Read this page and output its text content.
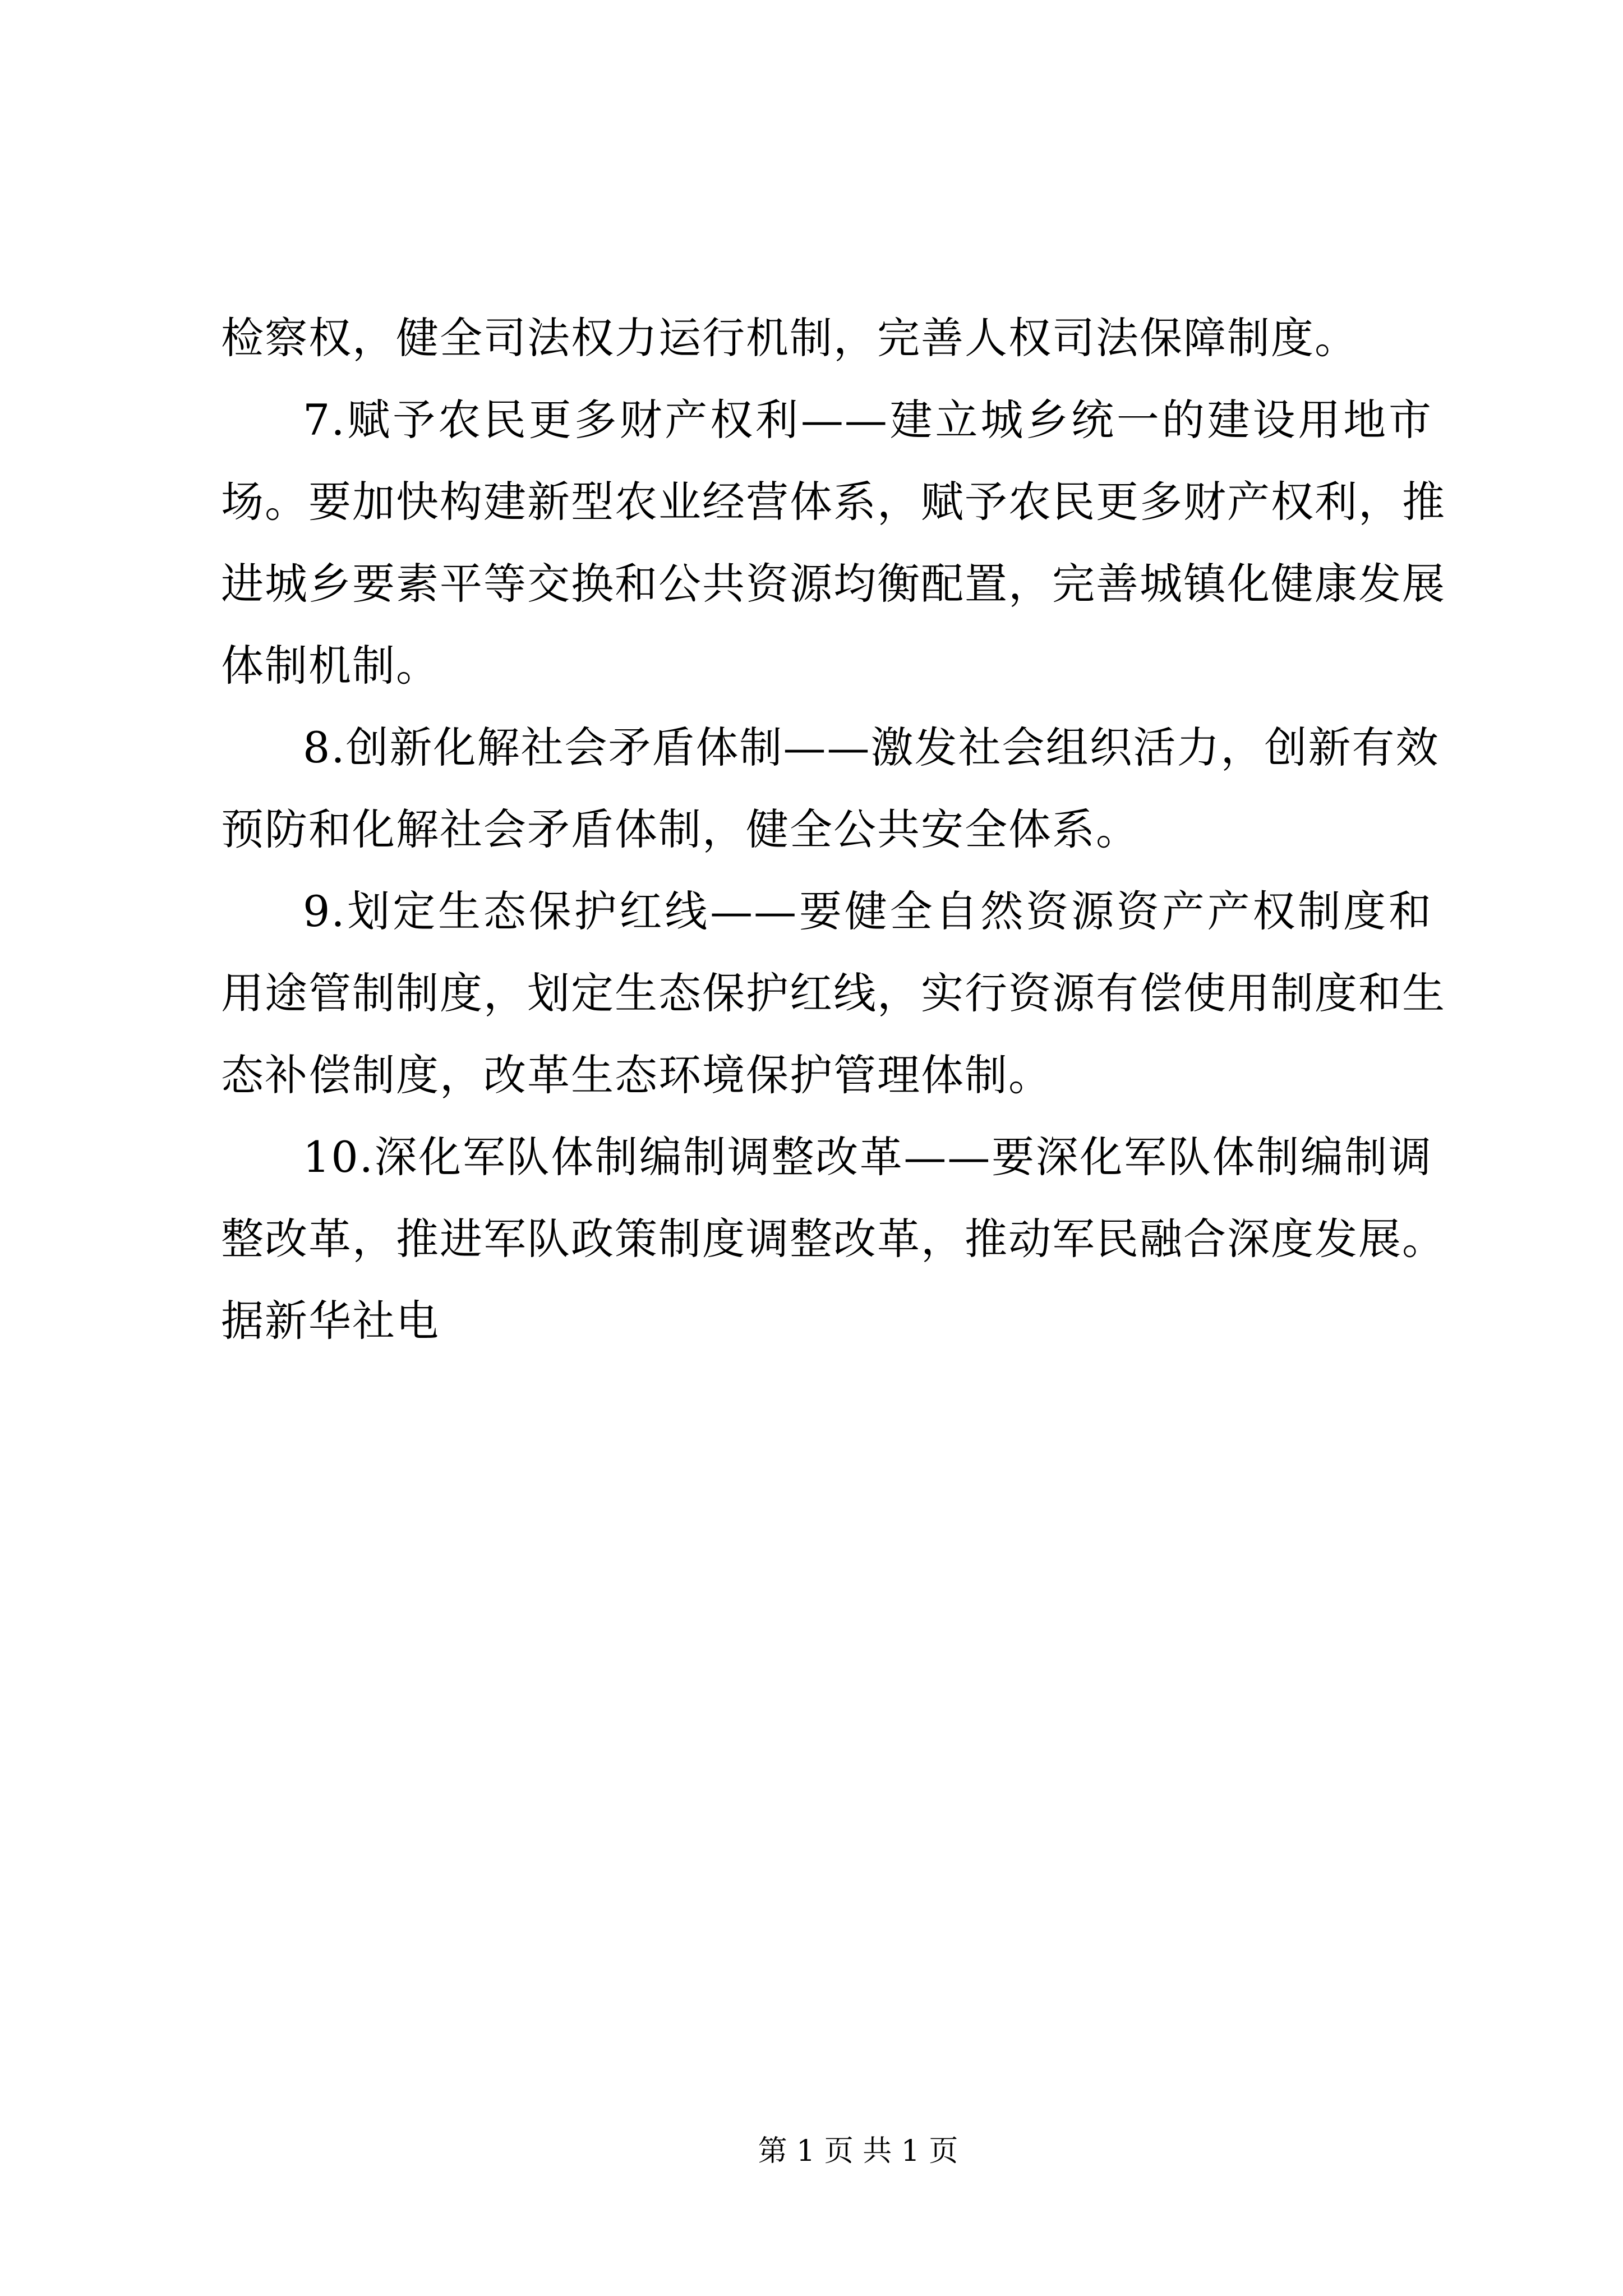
检察权，健全司法权力运行机制，完善人权司法保障制度。
7.赋予农民更多财产权利——建立城乡统一的建设用地市
场。要加快构建新型农业经营体系，赋予农民更多财产权利，推
进城乡要素平等交换和公共资源均衡配置，完善城镇化健康发展
体制机制。
8.创新化解社会矛盾体制——激发社会组织活力，创新有效
预防和化解社会矛盾体制，健全公共安全体系。
9.划定生态保护红线——要健全自然资源资产产权制度和
用途管制制度，划定生态保护红线，实行资源有偿使用制度和生
态补偿制度，改革生态环境保护管理体制。
10.深化军队体制编制调整改革——要深化军队体制编制调
整改革，推进军队政策制度调整改革，推动军民融合深度发展。
据新华社电
第 1 页 共 1 页
